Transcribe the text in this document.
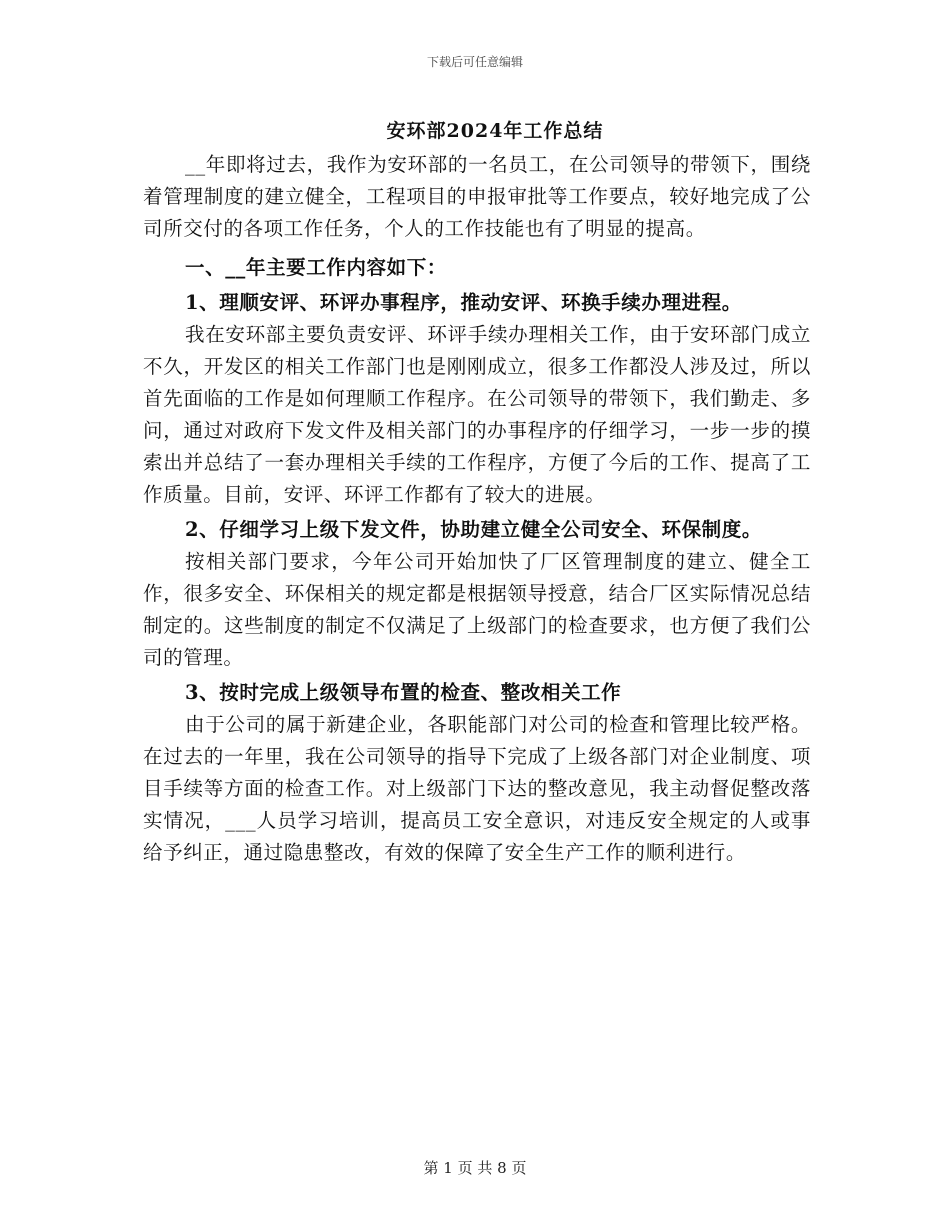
下载后可任意编辑
安环部2024年工作总结

__年即将过去，我作为安环部的一名员工，在公司领导的带领下，围绕着管理制度的建立健全，工程项目的申报审批等工作要点，较好地完成了公司所交付的各项工作任务，个人的工作技能也有了明显的提高。

一、__年主要工作内容如下：

1、理顺安评、环评办事程序，推动安评、环换手续办理进程。

我在安环部主要负责安评、环评手续办理相关工作，由于安环部门成立不久，开发区的相关工作部门也是刚刚成立，很多工作都没人涉及过，所以首先面临的工作是如何理顺工作程序。在公司领导的带领下，我们勤走、多问，通过对政府下发文件及相关部门的办事程序的仔细学习，一步一步的摸索出并总结了一套办理相关手续的工作程序，方便了今后的工作、提高了工作质量。目前，安评、环评工作都有了较大的进展。

2、仔细学习上级下发文件，协助建立健全公司安全、环保制度。

按相关部门要求，今年公司开始加快了厂区管理制度的建立、健全工作，很多安全、环保相关的规定都是根据领导授意，结合厂区实际情况总结制定的。这些制度的制定不仅满足了上级部门的检查要求，也方便了我们公司的管理。

3、按时完成上级领导布置的检查、整改相关工作

由于公司的属于新建企业，各职能部门对公司的检查和管理比较严格。在过去的一年里，我在公司领导的指导下完成了上级各部门对企业制度、项目手续等方面的检查工作。对上级部门下达的整改意见，我主动督促整改落实情况，___人员学习培训，提高员工安全意识，对违反安全规定的人或事给予纠正，通过隐患整改，有效的保障了安全生产工作的顺利进行。

第 1 页 共 8 页
